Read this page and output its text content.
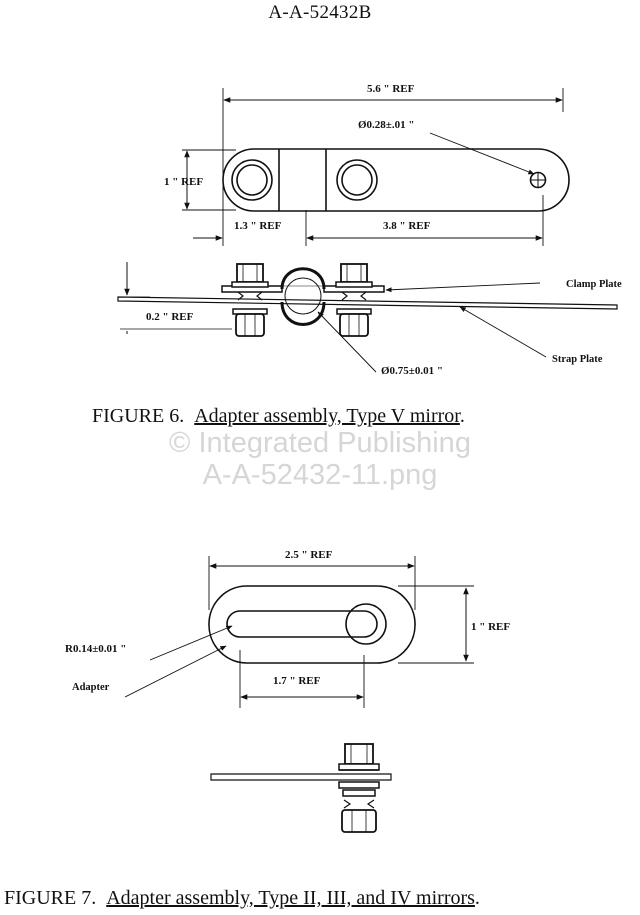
A-A-52432B
5.6 " REF
Ø0.28±.01 "
1 " REF
1.3 " REF	3.8 " REF
0.2 " REF
Ø0.75±0.01 "
Clamp Plate
Strap Plate
2.5 " REF
1 " REF
R0.14±0.01 "
1.7 " REF
Adapter
© Integrated Publishing
A-A-52432-11.png
FIGURE 6. Adapter assembly, Type V mirror.
FIGURE 7. Adapter assembly, Type II, III, and IV mirrors.
